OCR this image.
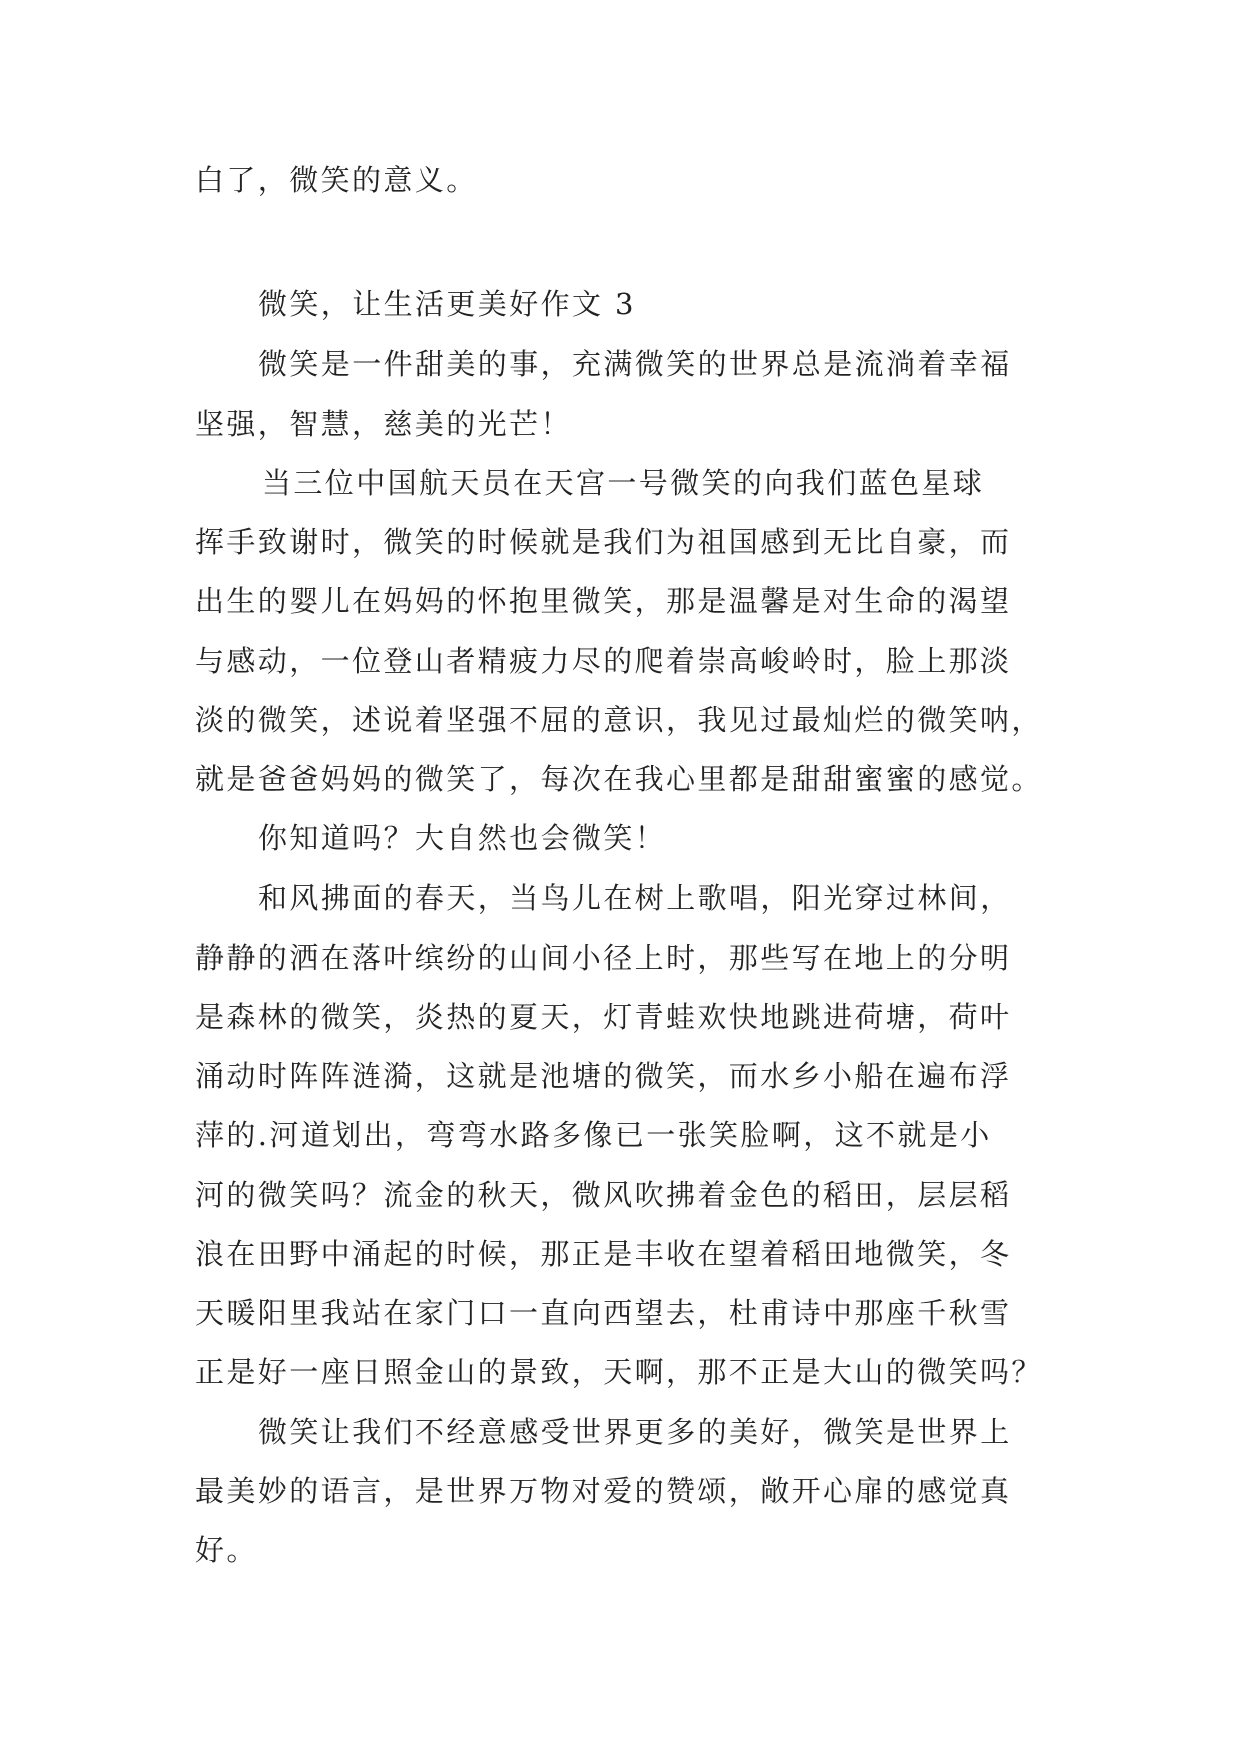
白了，微笑的意义。
微笑，让生活更美好作文 3
微笑是一件甜美的事，充满微笑的世界总是流淌着幸福
坚强，智慧，慈美的光芒！
当三位中国航天员在天宫一号微笑的向我们蓝色星球
挥手致谢时，微笑的时候就是我们为祖国感到无比自豪，而
出生的婴儿在妈妈的怀抱里微笑，那是温馨是对生命的渴望
与感动，一位登山者精疲力尽的爬着崇高峻岭时，脸上那淡
淡的微笑，述说着坚强不屈的意识，我见过最灿烂的微笑呐，
就是爸爸妈妈的微笑了，每次在我心里都是甜甜蜜蜜的感觉。
你知道吗？大自然也会微笑！
和风拂面的春天，当鸟儿在树上歌唱，阳光穿过林间，
静静的洒在落叶缤纷的山间小径上时，那些写在地上的分明
是森林的微笑，炎热的夏天，灯青蛙欢快地跳进荷塘，荷叶
涌动时阵阵涟漪，这就是池塘的微笑，而水乡小船在遍布浮
萍的.河道划出，弯弯水路多像已一张笑脸啊，这不就是小
河的微笑吗？流金的秋天，微风吹拂着金色的稻田，层层稻
浪在田野中涌起的时候，那正是丰收在望着稻田地微笑，冬
天暖阳里我站在家门口一直向西望去，杜甫诗中那座千秋雪
正是好一座日照金山的景致，天啊，那不正是大山的微笑吗？
微笑让我们不经意感受世界更多的美好，微笑是世界上
最美妙的语言，是世界万物对爱的赞颂，敞开心扉的感觉真
好。
